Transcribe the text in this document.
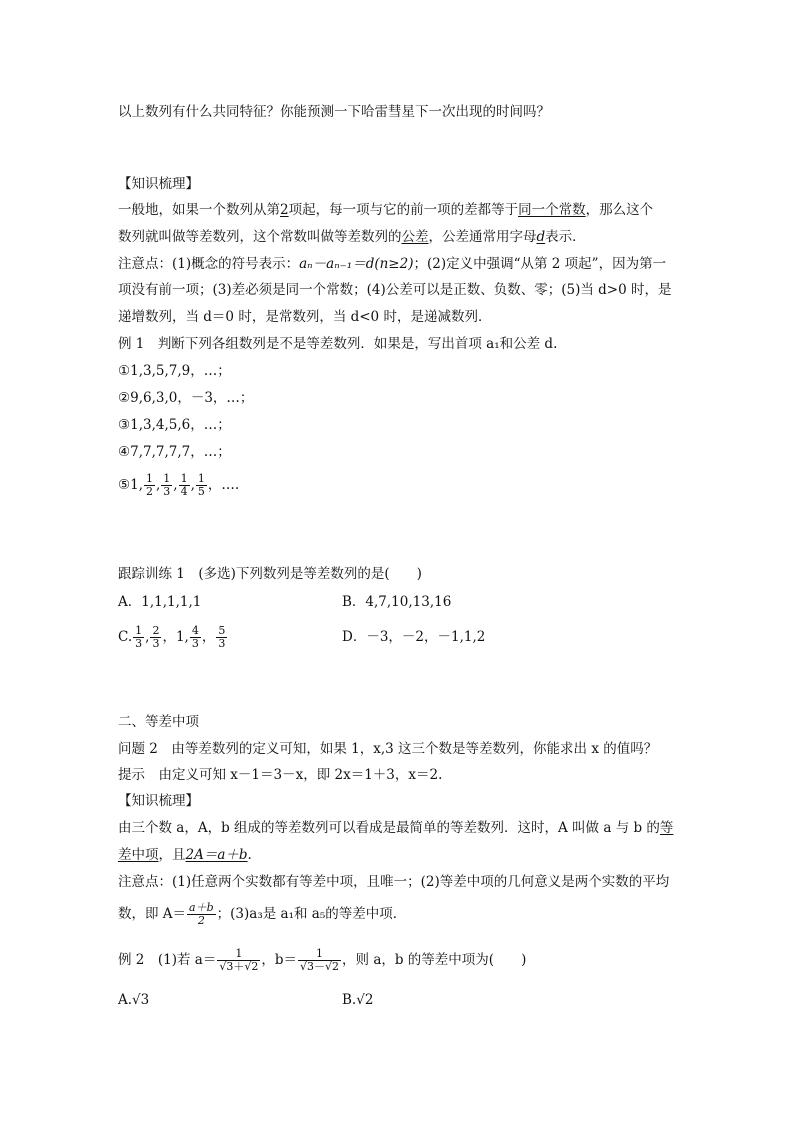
以上数列有什么共同特征？你能预测一下哈雷彗星下一次出现的时间吗？
【知识梳理】
一般地，如果一个数列从第2项起，每一项与它的前一项的差都等于同一个常数，那么这个
数列就叫做等差数列，这个常数叫做等差数列的公差，公差通常用字母d表示．
注意点：(1)概念的符号表示：aₙ－aₙ₋₁＝d(n≥2)；(2)定义中强调“从第 2 项起”，因为第一
项没有前一项；(3)差必须是同一个常数；(4)公差可以是正数、负数、零；(5)当 d>0 时，是
递增数列，当 d＝0 时，是常数列，当 d<0 时，是递减数列．
例 1　判断下列各组数列是不是等差数列．如果是，写出首项 a₁和公差 d.
①1,3,5,7,9，…；
②9,6,3,0，－3，…；
③1,3,4,5,6，…；
④7,7,7,7,7，…；
⑤1, $\frac{1}{2}$ , $\frac{1}{3}$ , $\frac{1}{4}$ , $\frac{1}{5}$ ，….
跟踪训练 1　(多选)下列数列是等差数列的是(　　)
A．1,1,1,1,1	B．4,7,10,13,16
C. $\frac{1}{3}$ , $\frac{2}{3}$ ，1, $\frac{4}{3}$ ， $\frac{5}{3}$	D．－3，－2，－1,1,2
二、等差中项
问题 2　由等差数列的定义可知，如果 1，x,3 这三个数是等差数列，你能求出 x 的值吗？
提示　由定义可知 x－1＝3－x，即 2x＝1＋3，x＝2.
【知识梳理】
由三个数 a，A，b 组成的等差数列可以看成是最简单的等差数列．这时，A 叫做 a 与 b 的等
差中项，且2A＝a＋b.
注意点：(1)任意两个实数都有等差中项，且唯一；(2)等差中项的几何意义是两个实数的平均
数，即 $A= \frac{a+b}{2}$ ；(3)a₃是 a₁和 a₅的等差中项．
例 2　(1)若 $a= \frac{1}{√3+√2}$ ，$b= \frac{1}{√3-√2}$ ，则 a，b 的等差中项为(　　)
A.√3	B.√2
